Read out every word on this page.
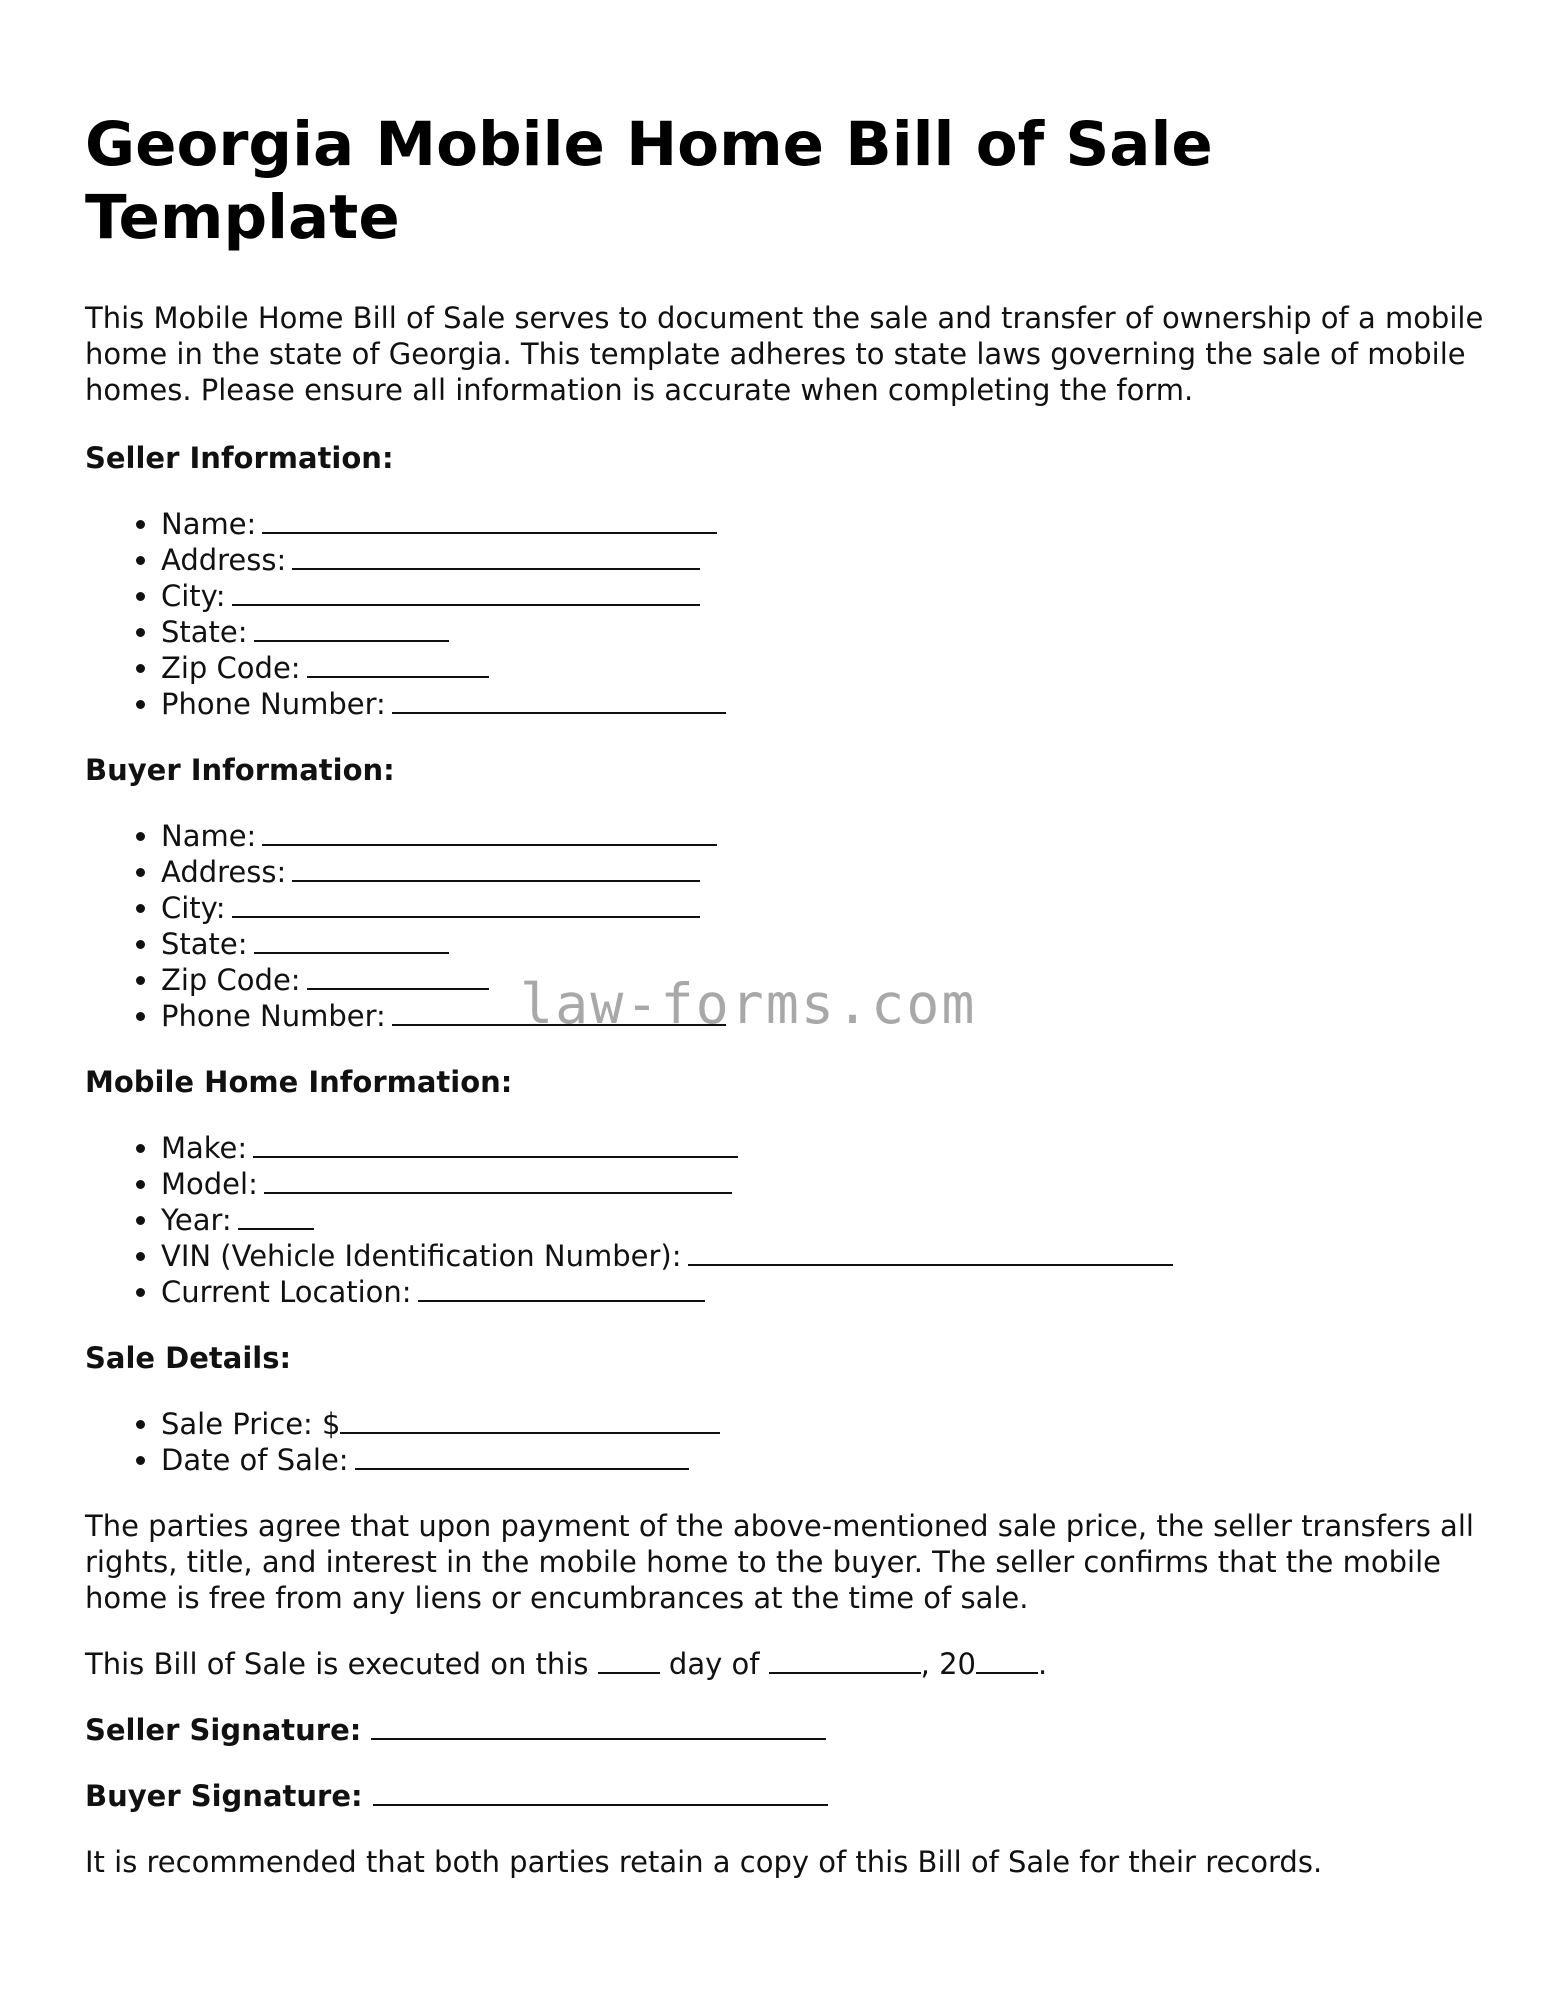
Georgia Mobile Home Bill of Sale Template

This Mobile Home Bill of Sale serves to document the sale and transfer of ownership of a mobile home in the state of Georgia. This template adheres to state laws governing the sale of mobile homes. Please ensure all information is accurate when completing the form.

Seller Information:
• Name:
• Address:
• City:
• State:
• Zip Code:
• Phone Number:
Buyer Information:
• Name:
• Address:
• City:
• State:
• Zip Code:
• Phone Number:
Mobile Home Information:
• Make:
• Model:
• Year:
• VIN (Vehicle Identification Number):
• Current Location:
Sale Details:
• Sale Price: $
• Date of Sale:

The parties agree that upon payment of the above-mentioned sale price, the seller transfers all rights, title, and interest in the mobile home to the buyer. The seller confirms that the mobile home is free from any liens or encumbrances at the time of sale.

This Bill of Sale is executed on this	day of	, 20 .

Seller Signature:

Buyer Signature:

It is recommended that both parties retain a copy of this Bill of Sale for their records.

law-forms.com
